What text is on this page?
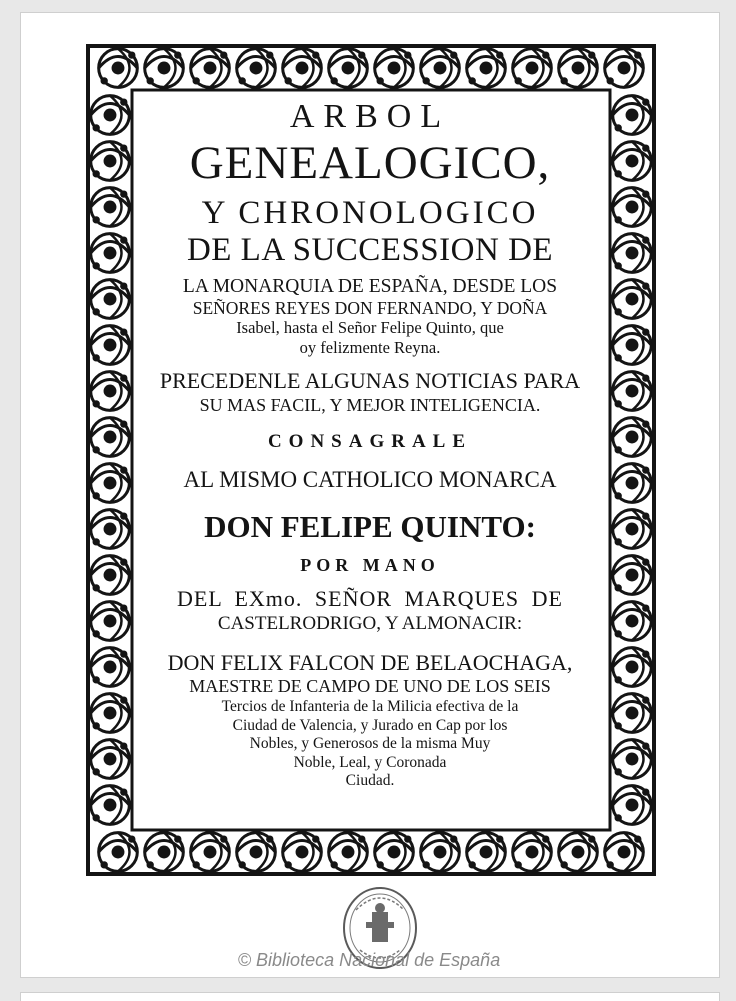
ARBOL
GENEALOGICO,
Y CHRONOLOGICO
DE LA SUCCESSION DE
LA MONARQUIA DE ESPAÑA, DESDE LOS
SEÑORES REYES DON FERNANDO, Y DOÑA
Isabel, hasta el Señor Felipe Quinto, que
oy felizmente Reyna.
PRECEDENLE ALGUNAS NOTICIAS PARA
SU MAS FACIL, Y MEJOR INTELIGENCIA.
CONSAGRALE
AL MISMO CATHOLICO MONARCA
DON FELIPE QUINTO:
POR MANO
DEL EXmo. SEÑOR MARQUES DE
CASTELRODRIGO, Y ALMONACIR:
DON FELIX FALCON DE BELAOCHAGA,
MAESTRE DE CAMPO DE UNO DE LOS SEIS
Tercios de Infanteria de la Milicia efectiva de la
Ciudad de Valencia, y Jurado en Cap por los
Nobles, y Generosos de la misma Muy
Noble, Leal, y Coronada
Ciudad.
© Biblioteca Nacional de España
